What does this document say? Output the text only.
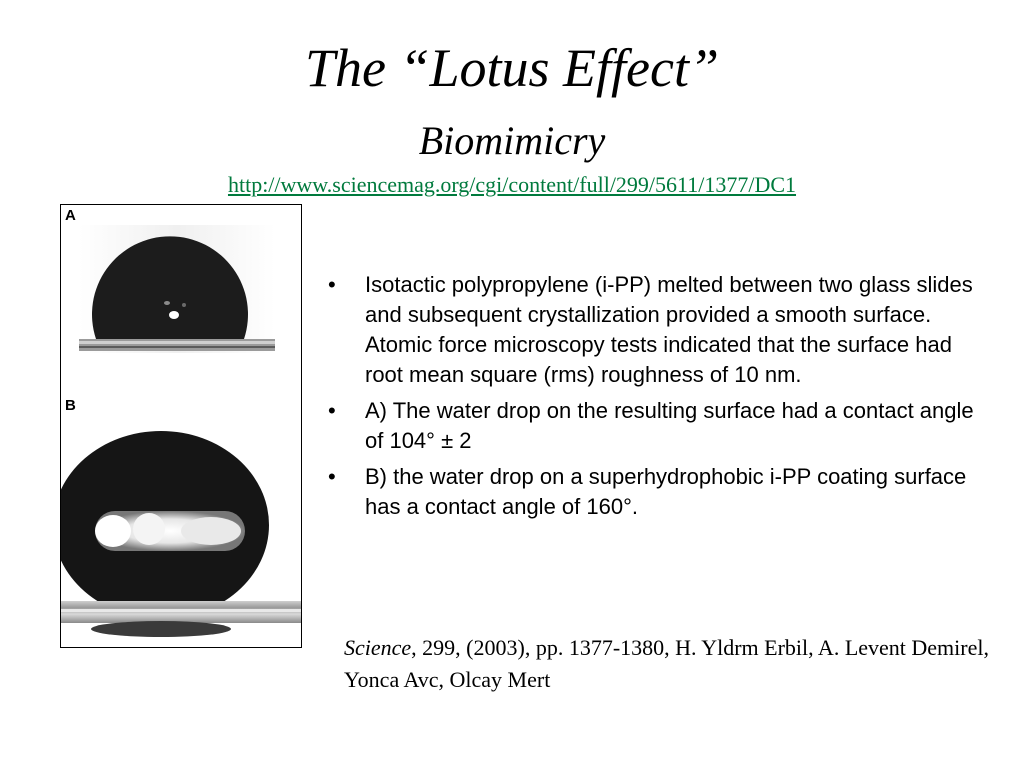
The “Lotus Effect”
Biomimicry
http://www.sciencemag.org/cgi/content/full/299/5611/1377/DC1
A
B
• Isotactic polypropylene (i-PP) melted between two glass slides and subsequent crystallization provided a smooth surface. Atomic force microscopy tests indicated that the surface had root mean square (rms) roughness of 10 nm.
• A) The water drop on the resulting surface had a contact angle of 104° ± 2
• B) the water drop on a superhydrophobic i-PP coating surface has a contact angle of 160°.
Science, 299, (2003), pp. 1377-1380, H. Yldrm Erbil, A. Levent Demirel, Yonca Avc, Olcay Mert
